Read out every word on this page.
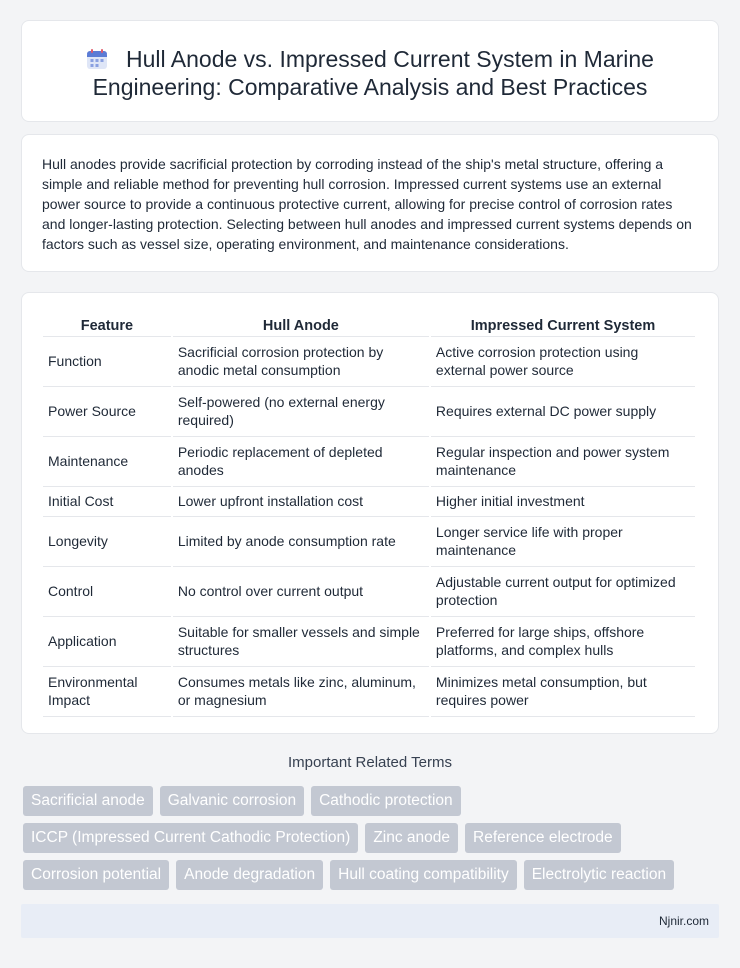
Hull Anode vs. Impressed Current System in Marine Engineering: Comparative Analysis and Best Practices

Hull anodes provide sacrificial protection by corroding instead of the ship's metal structure, offering a simple and reliable method for preventing hull corrosion. Impressed current systems use an external power source to provide a continuous protective current, allowing for precise control of corrosion rates and longer-lasting protection. Selecting between hull anodes and impressed current systems depends on factors such as vessel size, operating environment, and maintenance considerations.

Feature	Hull Anode	Impressed Current System
Function	Sacrificial corrosion protection by anodic metal consumption	Active corrosion protection using external power source
Power Source	Self-powered (no external energy required)	Requires external DC power supply
Maintenance	Periodic replacement of depleted anodes	Regular inspection and power system maintenance
Initial Cost	Lower upfront installation cost	Higher initial investment
Longevity	Limited by anode consumption rate	Longer service life with proper maintenance
Control	No control over current output	Adjustable current output for optimized protection
Application	Suitable for smaller vessels and simple structures	Preferred for large ships, offshore platforms, and complex hulls
Environmental Impact	Consumes metals like zinc, aluminum, or magnesium	Minimizes metal consumption, but requires power
Important Related Terms
Sacrificial anode	Galvanic corrosion	Cathodic protection
ICCP (Impressed Current Cathodic Protection)	Zinc anode	Reference electrode
Corrosion potential	Anode degradation	Hull coating compatibility	Electrolytic reaction
Njnir.com
